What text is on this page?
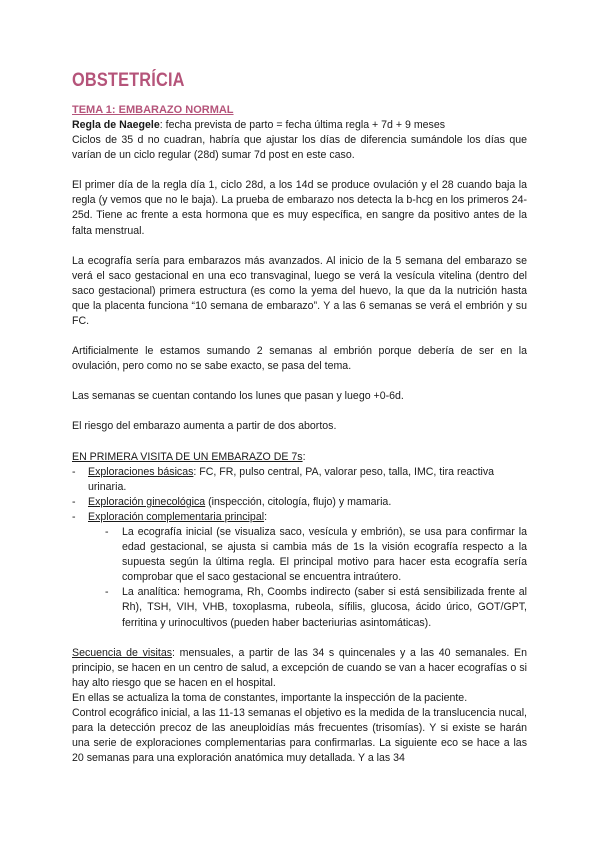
OBSTETRÍCIA
TEMA 1: EMBARAZO NORMAL

Regla de Naegele: fecha prevista de parto = fecha última regla + 7d + 9 meses

Ciclos de 35 d no cuadran, habría que ajustar los días de diferencia sumándole los días que varían de un ciclo regular (28d) sumar 7d post en este caso.

El primer día de la regla día 1, ciclo 28d, a los 14d se produce ovulación y el 28 cuando baja la regla (y vemos que no le baja). La prueba de embarazo nos detecta la b-hcg en los primeros 24-25d. Tiene ac frente a esta hormona que es muy específica, en sangre da positivo antes de la falta menstrual.

La ecografía sería para embarazos más avanzados. Al inicio de la 5 semana del embarazo se verá el saco gestacional en una eco transvaginal, luego se verá la vesícula vitelina (dentro del saco gestacional) primera estructura (es como la yema del huevo, la que da la nutrición hasta que la placenta funciona “10 semana de embarazo”. Y a las 6 semanas se verá el embrión y su FC.

Artificialmente le estamos sumando 2 semanas al embrión porque debería de ser en la ovulación, pero como no se sabe exacto, se pasa del tema.

Las semanas se cuentan contando los lunes que pasan y luego +0-6d.

El riesgo del embarazo aumenta a partir de dos abortos.

EN PRIMERA VISITA DE UN EMBARAZO DE 7s:

- Exploraciones básicas: FC, FR, pulso central, PA, valorar peso, talla, IMC, tira reactiva urinaria.
- Exploración ginecológica (inspección, citología, flujo) y mamaria.
- Exploración complementaria principal:
- La ecografía inicial (se visualiza saco, vesícula y embrión), se usa para confirmar la edad gestacional, se ajusta si cambia más de 1s la visión ecografía respecto a la supuesta según la última regla. El principal motivo para hacer esta ecografía sería comprobar que el saco gestacional se encuentra intraútero.
- La analítica: hemograma, Rh, Coombs indirecto (saber si está sensibilizada frente al Rh), TSH, VIH, VHB, toxoplasma, rubeola, sífilis, glucosa, ácido úrico, GOT/GPT, ferritina y urinocultivos (pueden haber bacteriurias asintomáticas).

Secuencia de visitas: mensuales, a partir de las 34 s quincenales y a las 40 semanales. En principio, se hacen en un centro de salud, a excepción de cuando se van a hacer ecografías o si hay alto riesgo que se hacen en el hospital.

En ellas se actualiza la toma de constantes, importante la inspección de la paciente.

Control ecográfico inicial, a las 11-13 semanas el objetivo es la medida de la translucencia nucal, para la detección precoz de las aneuploidías más frecuentes (trisomías). Y si existe se harán una serie de exploraciones complementarias para confirmarlas. La siguiente eco se hace a las 20 semanas para una exploración anatómica muy detallada. Y a las 34
